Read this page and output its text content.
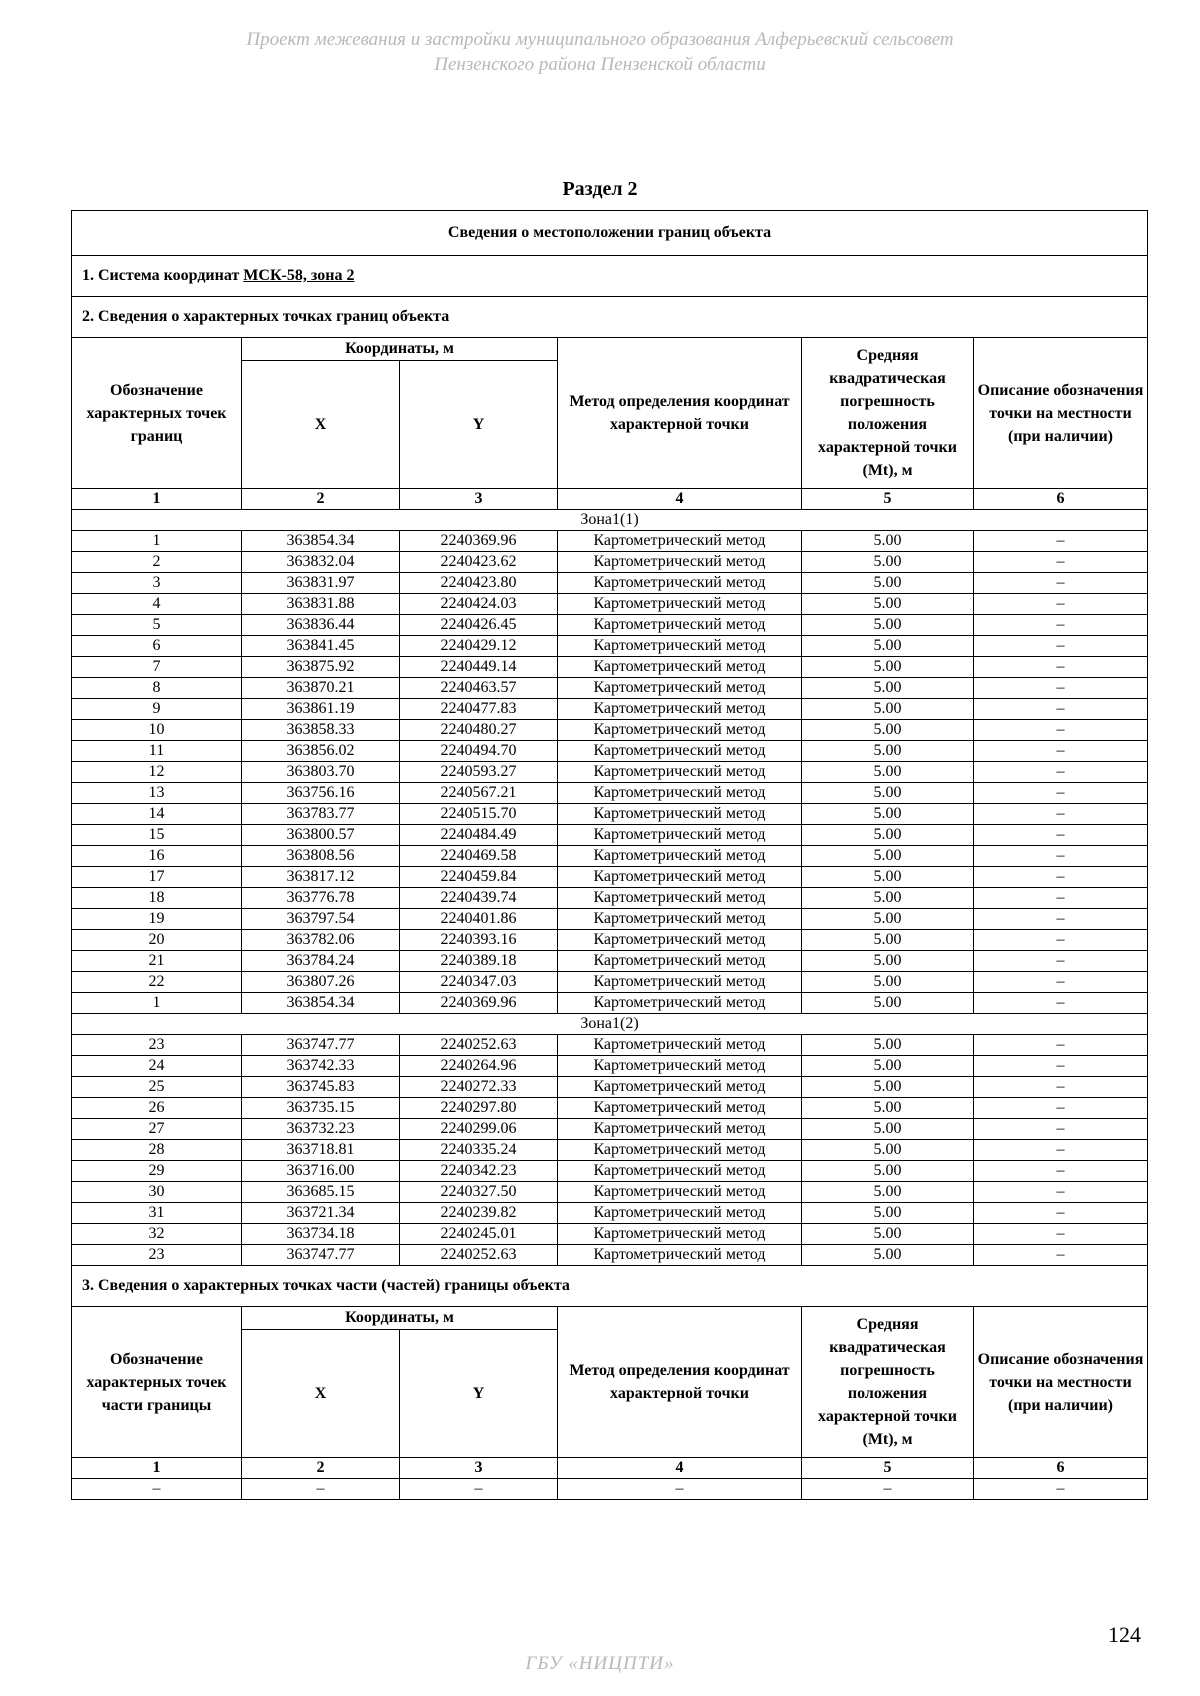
Проект межевания и застройки муниципального образования Алферьевский сельсовет
Пензенского района Пензенской области
Раздел 2
Сведения о местоположении границ объекта					
1. Система координат МСК-58, зона 2					
2. Сведения о характерных точках границ объекта					
Обозначение характерных точек границ	Координаты, м		Метод определения координат характерной точки	Средняя квадратическая погрешность положения характерной точки (Mt), м	Описание обозначения точки на местности (при наличии)
	X	Y			
1	2	3	4	5	6
Зона1(1)					
1	363854.34	2240369.96	Картометрический метод	5.00	–
2	363832.04	2240423.62	Картометрический метод	5.00	–
3	363831.97	2240423.80	Картометрический метод	5.00	–
4	363831.88	2240424.03	Картометрический метод	5.00	–
5	363836.44	2240426.45	Картометрический метод	5.00	–
6	363841.45	2240429.12	Картометрический метод	5.00	–
7	363875.92	2240449.14	Картометрический метод	5.00	–
8	363870.21	2240463.57	Картометрический метод	5.00	–
9	363861.19	2240477.83	Картометрический метод	5.00	–
10	363858.33	2240480.27	Картометрический метод	5.00	–
11	363856.02	2240494.70	Картометрический метод	5.00	–
12	363803.70	2240593.27	Картометрический метод	5.00	–
13	363756.16	2240567.21	Картометрический метод	5.00	–
14	363783.77	2240515.70	Картометрический метод	5.00	–
15	363800.57	2240484.49	Картометрический метод	5.00	–
16	363808.56	2240469.58	Картометрический метод	5.00	–
17	363817.12	2240459.84	Картометрический метод	5.00	–
18	363776.78	2240439.74	Картометрический метод	5.00	–
19	363797.54	2240401.86	Картометрический метод	5.00	–
20	363782.06	2240393.16	Картометрический метод	5.00	–
21	363784.24	2240389.18	Картометрический метод	5.00	–
22	363807.26	2240347.03	Картометрический метод	5.00	–
1	363854.34	2240369.96	Картометрический метод	5.00	–
Зона1(2)					
23	363747.77	2240252.63	Картометрический метод	5.00	–
24	363742.33	2240264.96	Картометрический метод	5.00	–
25	363745.83	2240272.33	Картометрический метод	5.00	–
26	363735.15	2240297.80	Картометрический метод	5.00	–
27	363732.23	2240299.06	Картометрический метод	5.00	–
28	363718.81	2240335.24	Картометрический метод	5.00	–
29	363716.00	2240342.23	Картометрический метод	5.00	–
30	363685.15	2240327.50	Картометрический метод	5.00	–
31	363721.34	2240239.82	Картометрический метод	5.00	–
32	363734.18	2240245.01	Картометрический метод	5.00	–
23	363747.77	2240252.63	Картометрический метод	5.00	–
3. Сведения о характерных точках части (частей) границы объекта					
Обозначение характерных точек части границы	Координаты, м		Метод определения координат характерной точки	Средняя квадратическая погрешность положения характерной точки (Mt), м	Описание обозначения точки на местности (при наличии)
	X	Y			
1	2	3	4	5	6
–	–	–	–	–	–
124
ГБУ «НИЦПТИ»
